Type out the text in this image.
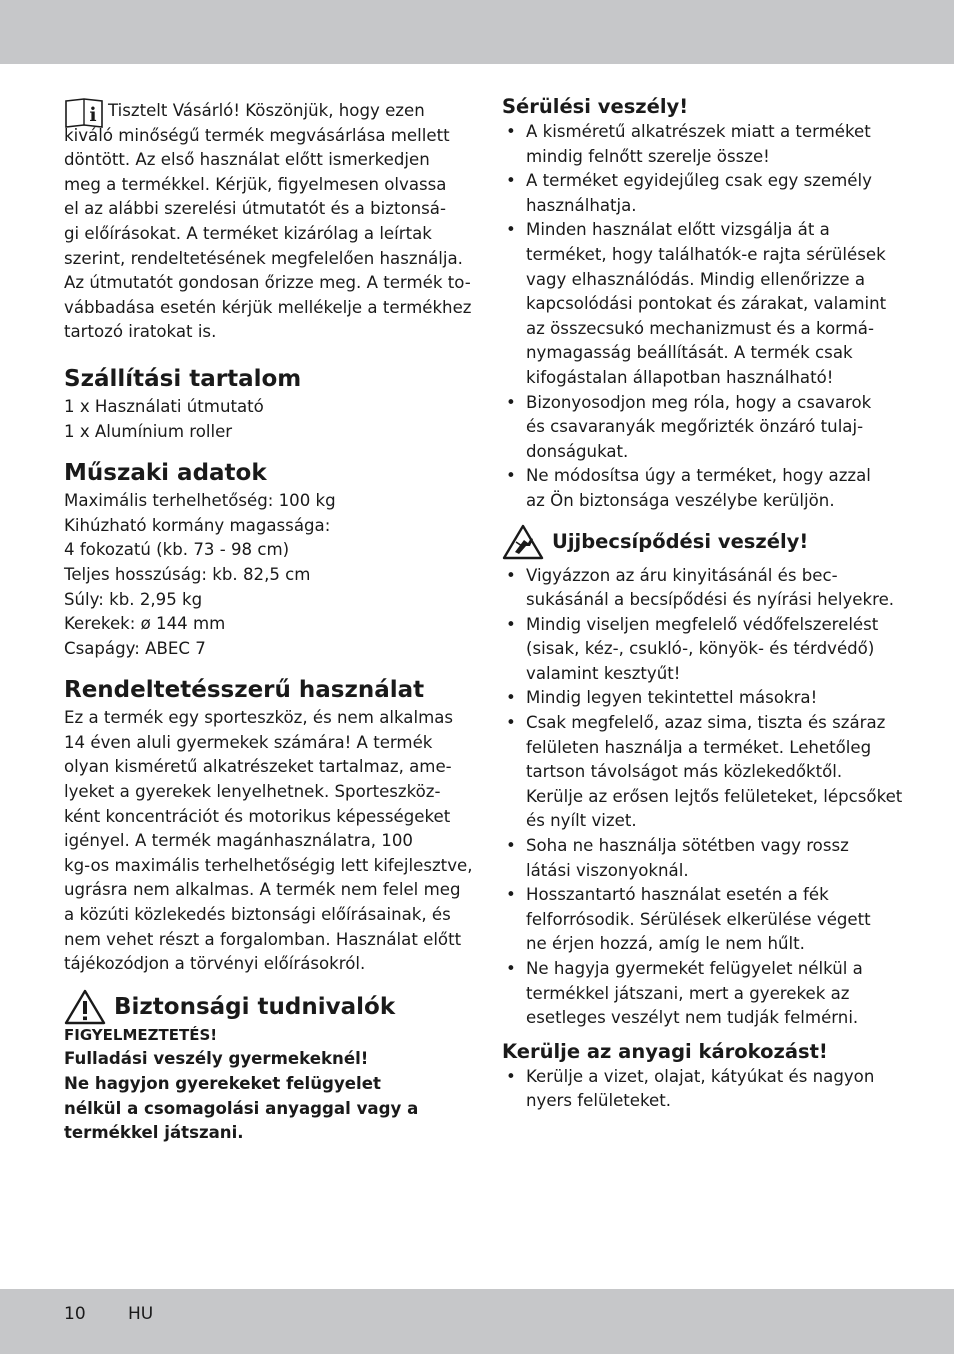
i Tisztelt Vásárló! Köszönjük, hogy ezen
kiváló minőségű termék megvásárlása mellett
döntött. Az első használat előtt ismerkedjen
meg a termékkel. Kérjük, figyelmesen olvassa
el az alábbi szerelési útmutatót és a biztonsá-
gi előírásokat. A terméket kizárólag a leírtak
szerint, rendeltetésének megfelelően használja.
Az útmutatót gondosan őrizze meg. A termék to-
vábbadása esetén kérjük mellékelje a termékhez
tartozó iratokat is.
Szállítási tartalom
1 x Használati útmutató
1 x Alumínium roller
Műszaki adatok
Maximális terhelhetőség: 100 kg
Kihúzható kormány magassága:
4 fokozatú (kb. 73 - 98 cm)
Teljes hosszúság: kb. 82,5 cm
Súly: kb. 2,95 kg
Kerekek: ø 144 mm
Csapágy: ABEC 7
Rendeltetésszerű használat
Ez a termék egy sporteszköz, és nem alkalmas
14 éven aluli gyermekek számára! A termék
olyan kisméretű alkatrészeket tartalmaz, ame-
lyeket a gyerekek lenyelhetnek. Sporteszköz-
ként koncentrációt és motorikus képességeket
igényel. A termék magánhasználatra, 100
kg-os maximális terhelhetőségig lett kifejlesztve,
ugrásra nem alkalmas. A termék nem felel meg
a közúti közlekedés biztonsági előírásainak, és
nem vehet részt a forgalomban. Használat előtt
tájékozódjon a törvényi előírásokról.
Biztonsági tudnivalók
FIGYELMEZTETÉS!
Fulladási veszély gyermekeknél!
Ne hagyjon gyerekeket felügyelet
nélkül a csomagolási anyaggal vagy a
termékkel játszani.
Sérülési veszély!
• A kisméretű alkatrészek miatt a terméket
mindig felnőtt szerelje össze!
• A terméket egyidejűleg csak egy személy
használhatja.
• Minden használat előtt vizsgálja át a
terméket, hogy találhatók-e rajta sérülések
vagy elhasználódás. Mindig ellenőrizze a
kapcsolódási pontokat és zárakat, valamint
az összecsukó mechanizmust és a kormá-
nymagasság beállítását. A termék csak
kifogástalan állapotban használható!
• Bizonyosodjon meg róla, hogy a csavarok
és csavaranyák megőrizték önzáró tulaj-
donságukat.
• Ne módosítsa úgy a terméket, hogy azzal
az Ön biztonsága veszélybe kerüljön.
Ujjbecsípődési veszély!
• Vigyázzon az áru kinyitásánál és bec-
sukásánál a becsípődési és nyírási helyekre.
• Mindig viseljen megfelelő védőfelszerelést
(sisak, kéz-, csukló-, könyök- és térdvédő)
valamint kesztyűt!
• Mindig legyen tekintettel másokra!
• Csak megfelelő, azaz sima, tiszta és száraz
felületen használja a terméket. Lehetőleg
tartson távolságot más közlekedőktől.
Kerülje az erősen lejtős felületeket, lépcsőket
és nyílt vizet.
• Soha ne használja sötétben vagy rossz
látási viszonyoknál.
• Hosszantartó használat esetén a fék
felforrósodik. Sérülések elkerülése végett
ne érjen hozzá, amíg le nem hűlt.
• Ne hagyja gyermekét felügyelet nélkül a
termékkel játszani, mert a gyerekek az
esetleges veszélyt nem tudják felmérni.
Kerülje az anyagi károkozást!
• Kerülje a vizet, olajat, kátyúkat és nagyon
nyers felületeket.
10 HU
